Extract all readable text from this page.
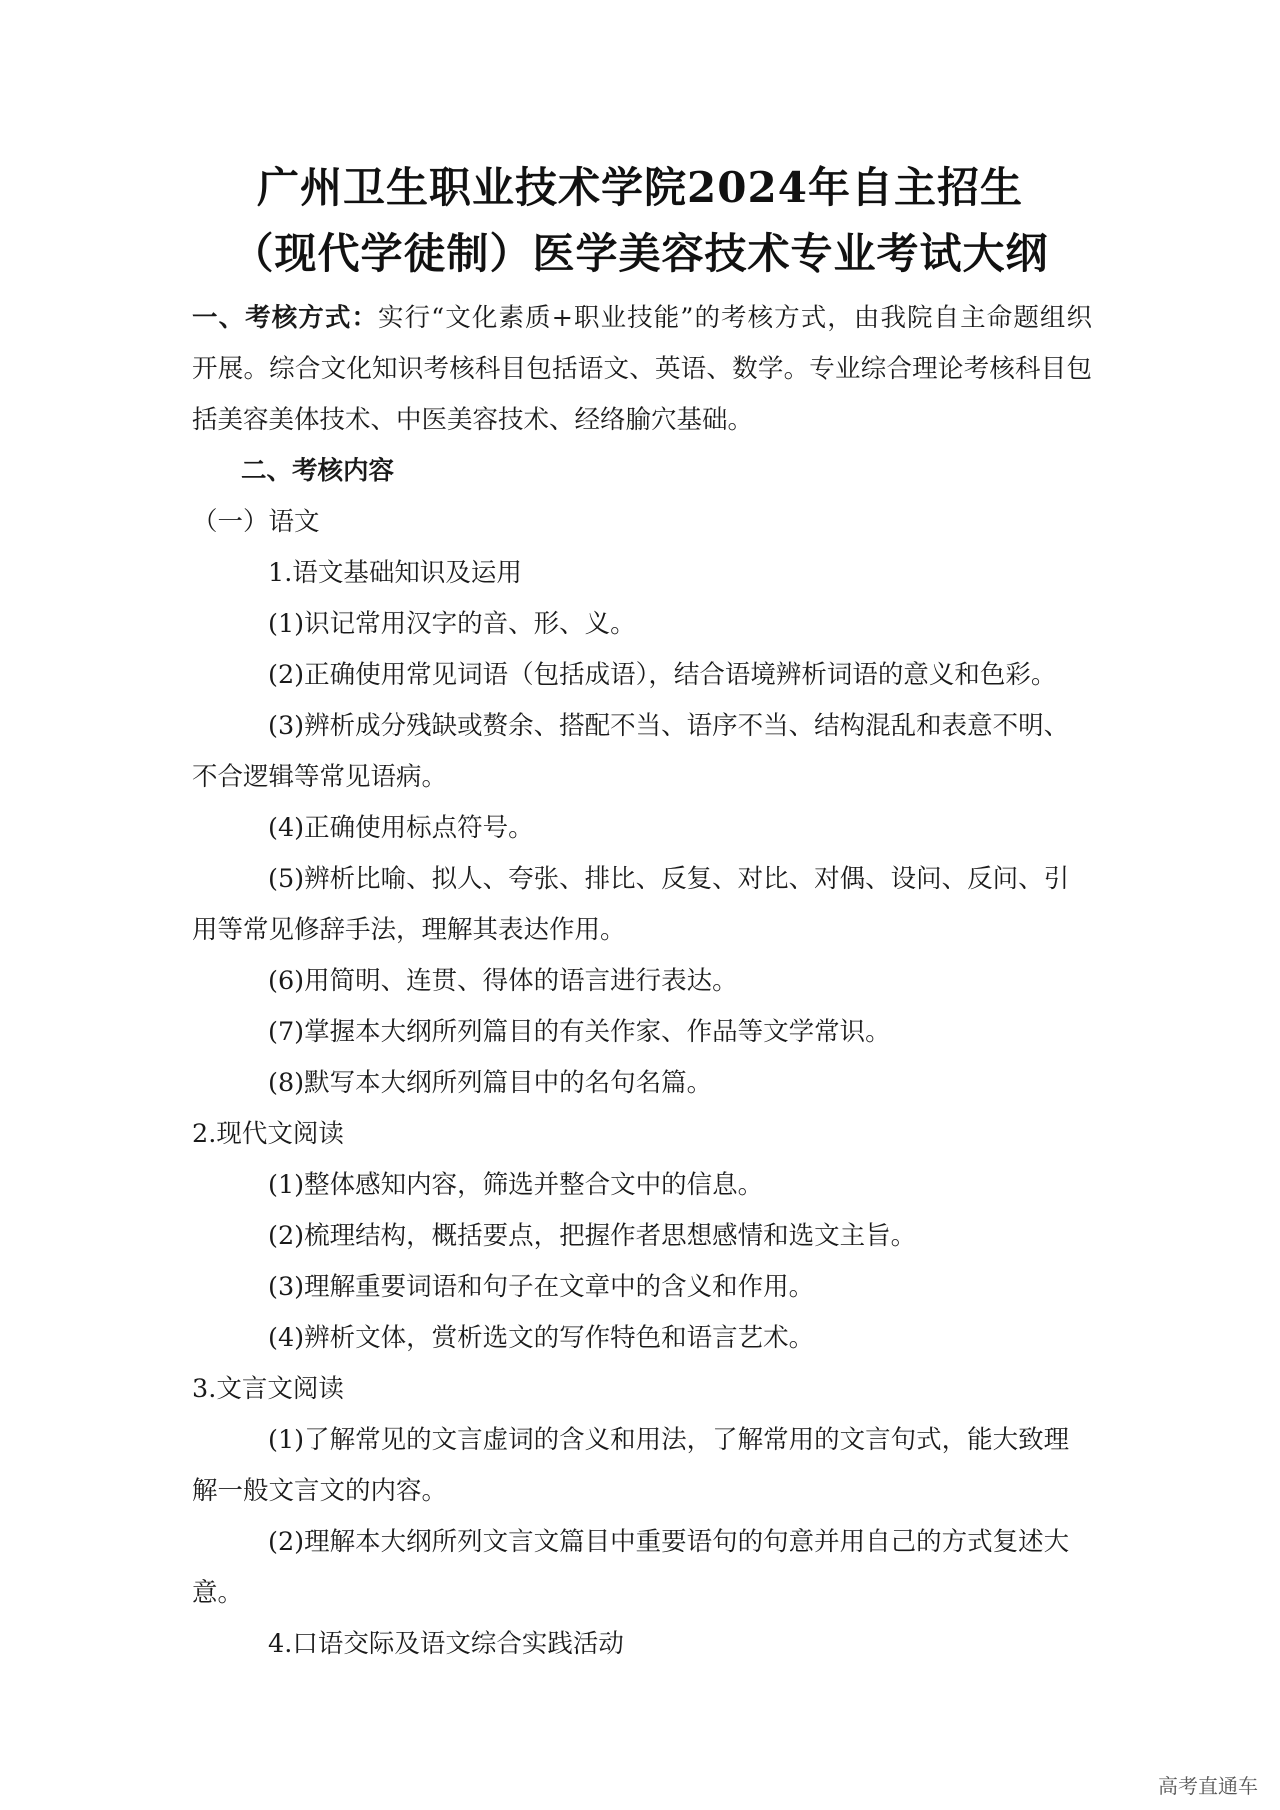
广州卫生职业技术学院2024年自主招生
（现代学徒制）医学美容技术专业考试大纲
一、考核方式：实行“文化素质+职业技能”的考核方式，由我院自主命题组织
开展。综合文化知识考核科目包括语文、英语、数学。专业综合理论考核科目包
括美容美体技术、中医美容技术、经络腧穴基础。
二、考核内容
（一）语文
1.语文基础知识及运用
(1)识记常用汉字的音、形、义。
(2)正确使用常见词语（包括成语），结合语境辨析词语的意义和色彩。
(3)辨析成分残缺或赘余、搭配不当、语序不当、结构混乱和表意不明、
不合逻辑等常见语病。
(4)正确使用标点符号。
(5)辨析比喻、拟人、夸张、排比、反复、对比、对偶、设问、反问、引
用等常见修辞手法，理解其表达作用。
(6)用简明、连贯、得体的语言进行表达。
(7)掌握本大纲所列篇目的有关作家、作品等文学常识。
(8)默写本大纲所列篇目中的名句名篇。
2.现代文阅读
(1)整体感知内容，筛选并整合文中的信息。
(2)梳理结构，概括要点，把握作者思想感情和选文主旨。
(3)理解重要词语和句子在文章中的含义和作用。
(4)辨析文体，赏析选文的写作特色和语言艺术。
3.文言文阅读
(1)了解常见的文言虚词的含义和用法，了解常用的文言句式，能大致理
解一般文言文的内容。
(2)理解本大纲所列文言文篇目中重要语句的句意并用自己的方式复述大
意。
4.口语交际及语文综合实践活动
高考直通车
